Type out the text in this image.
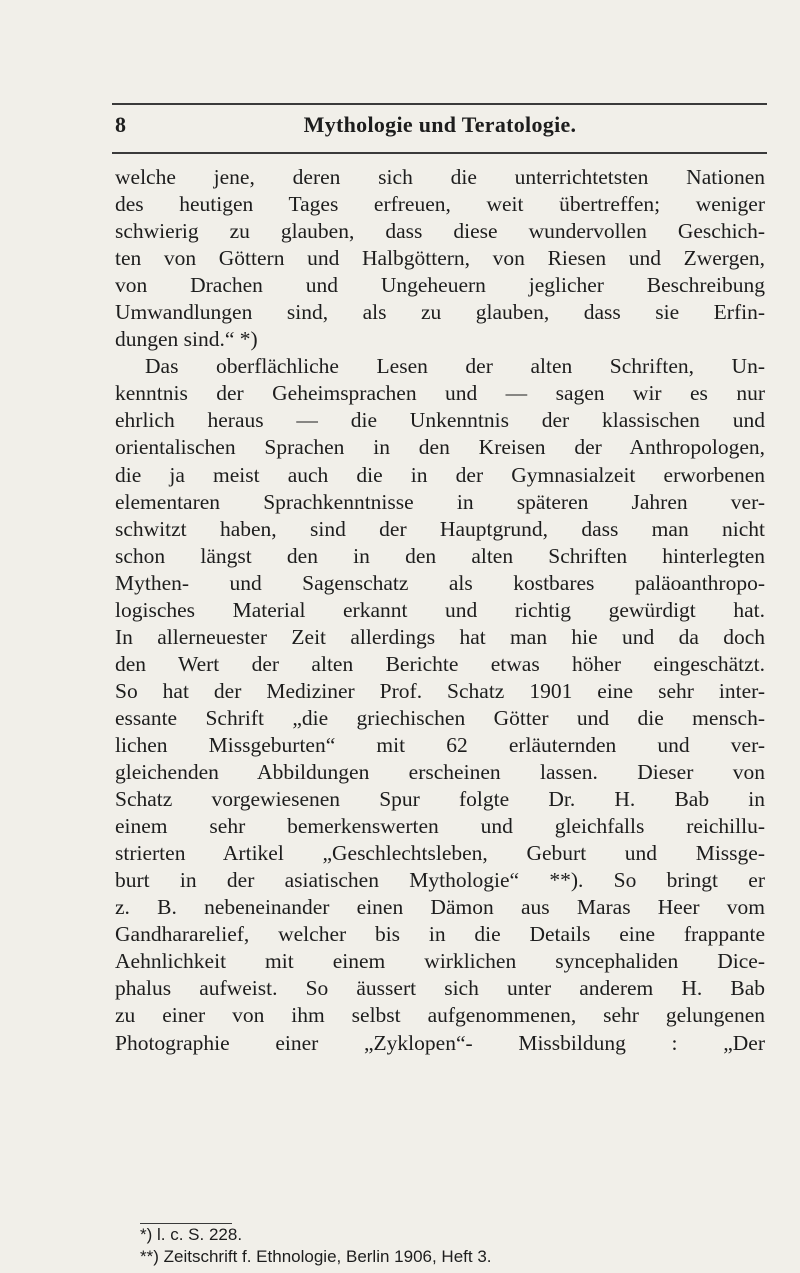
8	Mythologie und Teratologie.
welche jene, deren sich die unterrichtetsten Nationen
des heutigen Tages erfreuen, weit übertreffen; weniger
schwierig zu glauben, dass diese wundervollen Geschich-
ten von Göttern und Halbgöttern, von Riesen und Zwergen,
von Drachen und Ungeheuern jeglicher Beschreibung
Umwandlungen sind, als zu glauben, dass sie Erfin-
dungen sind.“ *)
Das oberflächliche Lesen der alten Schriften, Un-
kenntnis der Geheimsprachen und — sagen wir es nur
ehrlich heraus — die Unkenntnis der klassischen und
orientalischen Sprachen in den Kreisen der Anthropologen,
die ja meist auch die in der Gymnasialzeit erworbenen
elementaren Sprachkenntnisse in späteren Jahren ver-
schwitzt haben, sind der Hauptgrund, dass man nicht
schon längst den in den alten Schriften hinterlegten
Mythen- und Sagenschatz als kostbares paläoanthropo-
logisches Material erkannt und richtig gewürdigt hat.
In allerneuester Zeit allerdings hat man hie und da doch
den Wert der alten Berichte etwas höher eingeschätzt.
So hat der Mediziner Prof. Schatz 1901 eine sehr inter-
essante Schrift „die griechischen Götter und die mensch-
lichen Missgeburten“ mit 62 erläuternden und ver-
gleichenden Abbildungen erscheinen lassen. Dieser von
Schatz vorgewiesenen Spur folgte Dr. H. Bab in
einem sehr bemerkenswerten und gleichfalls reichillu-
strierten Artikel „Geschlechtsleben, Geburt und Missge-
burt in der asiatischen Mythologie“ **). So bringt er
z. B. nebeneinander einen Dämon aus Maras Heer vom
Gandhararelief, welcher bis in die Details eine frappante
Aehnlichkeit mit einem wirklichen syncephaliden Dice-
phalus aufweist. So äussert sich unter anderem H. Bab
zu einer von ihm selbst aufgenommenen, sehr gelungenen
Photographie einer „Zyklopen“- Missbildung : „Der
*) l. c. S. 228.
**) Zeitschrift f. Ethnologie, Berlin 1906, Heft 3.
